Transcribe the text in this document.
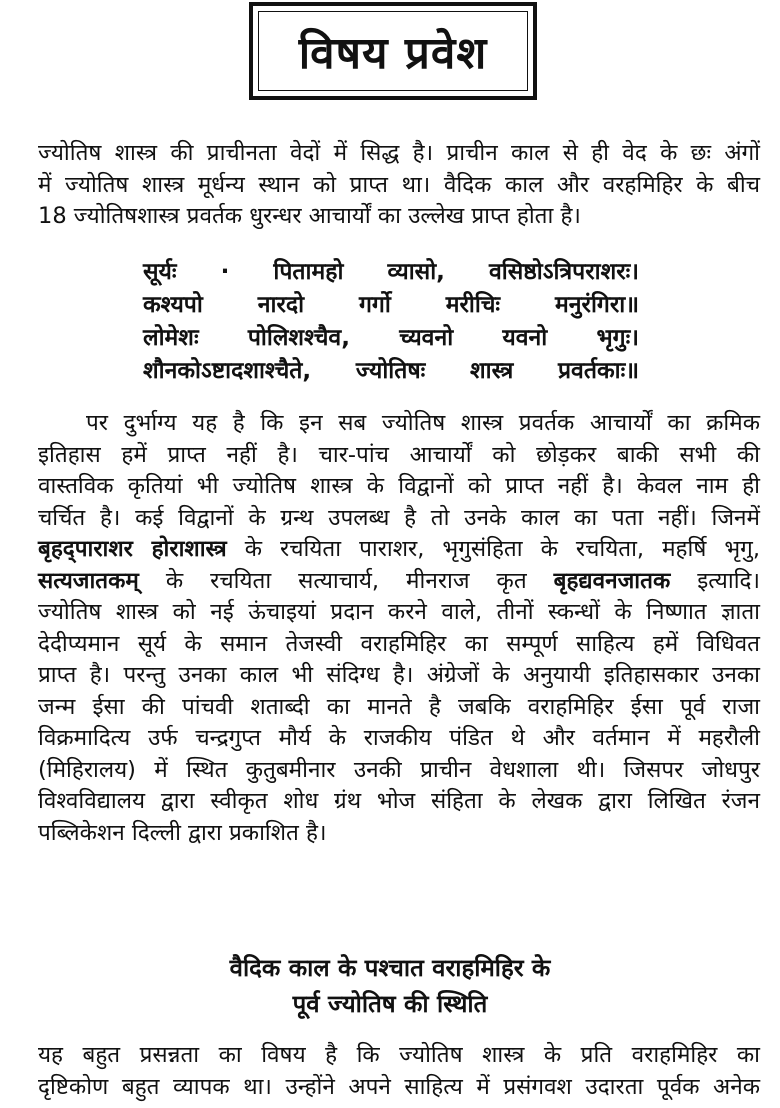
विषय प्रवेश
ज्योतिष शास्त्र की प्राचीनता वेदों में सिद्ध है। प्राचीन काल से ही वेद के छः अंगों
में ज्योतिष शास्त्र मूर्धन्य स्थान को प्राप्त था। वैदिक काल और वरहमिहिर के बीच
18 ज्योतिषशास्त्र प्रवर्तक धुरन्धर आचार्यों का उल्लेख प्राप्त होता है।
सूर्यः · पितामहो व्यासो, वसिष्ठोऽत्रिपराशरः।
कश्यपो नारदो गर्गो मरीचिः मनुरंगिरा॥
लोमेशः पोलिशश्चैव, च्यवनो यवनो भृगुः।
शौनकोऽष्टादशाश्चैते, ज्योतिषः शास्त्र प्रवर्तकाः॥
पर दुर्भाग्य यह है कि इन सब ज्योतिष शास्त्र प्रवर्तक आचार्यों का क्रमिक
इतिहास हमें प्राप्त नहीं है। चार-पांच आचार्यों को छोड़कर बाकी सभी की
वास्तविक कृतियां भी ज्योतिष शास्त्र के विद्वानों को प्राप्त नहीं है। केवल नाम ही
चर्चित है। कई विद्वानों के ग्रन्थ उपलब्ध है तो उनके काल का पता नहीं। जिनमें
बृहद्पाराशर होराशास्त्र के रचयिता पाराशर, भृगुसंहिता के रचयिता, महर्षि भृगु,
सत्यजातकम् के रचयिता सत्याचार्य, मीनराज कृत बृहद्यवनजातक इत्यादि।
ज्योतिष शास्त्र को नई ऊंचाइयां प्रदान करने वाले, तीनों स्कन्धों के निष्णात ज्ञाता
देदीप्यमान सूर्य के समान तेजस्वी वराहमिहिर का सम्पूर्ण साहित्य हमें विधिवत
प्राप्त है। परन्तु उनका काल भी संदिग्ध है। अंग्रेजों के अनुयायी इतिहासकार उनका
जन्म ईसा की पांचवी शताब्दी का मानते है जबकि वराहमिहिर ईसा पूर्व राजा
विक्रमादित्य उर्फ चन्द्रगुप्त मौर्य के राजकीय पंडित थे और वर्तमान में महरौली
(मिहिरालय) में स्थित कुतुबमीनार उनकी प्राचीन वेधशाला थी। जिसपर जोधपुर
विश्वविद्यालय द्वारा स्वीकृत शोध ग्रंथ भोज संहिता के लेखक द्वारा लिखित रंजन
पब्लिकेशन दिल्ली द्वारा प्रकाशित है।
वैदिक काल के पश्चात वराहमिहिर के
पूर्व ज्योतिष की स्थिति
यह बहुत प्रसन्नता का विषय है कि ज्योतिष शास्त्र के प्रति वराहमिहिर का
दृष्टिकोण बहुत व्यापक था। उन्होंने अपने साहित्य में प्रसंगवश उदारता पूर्वक अनेक
